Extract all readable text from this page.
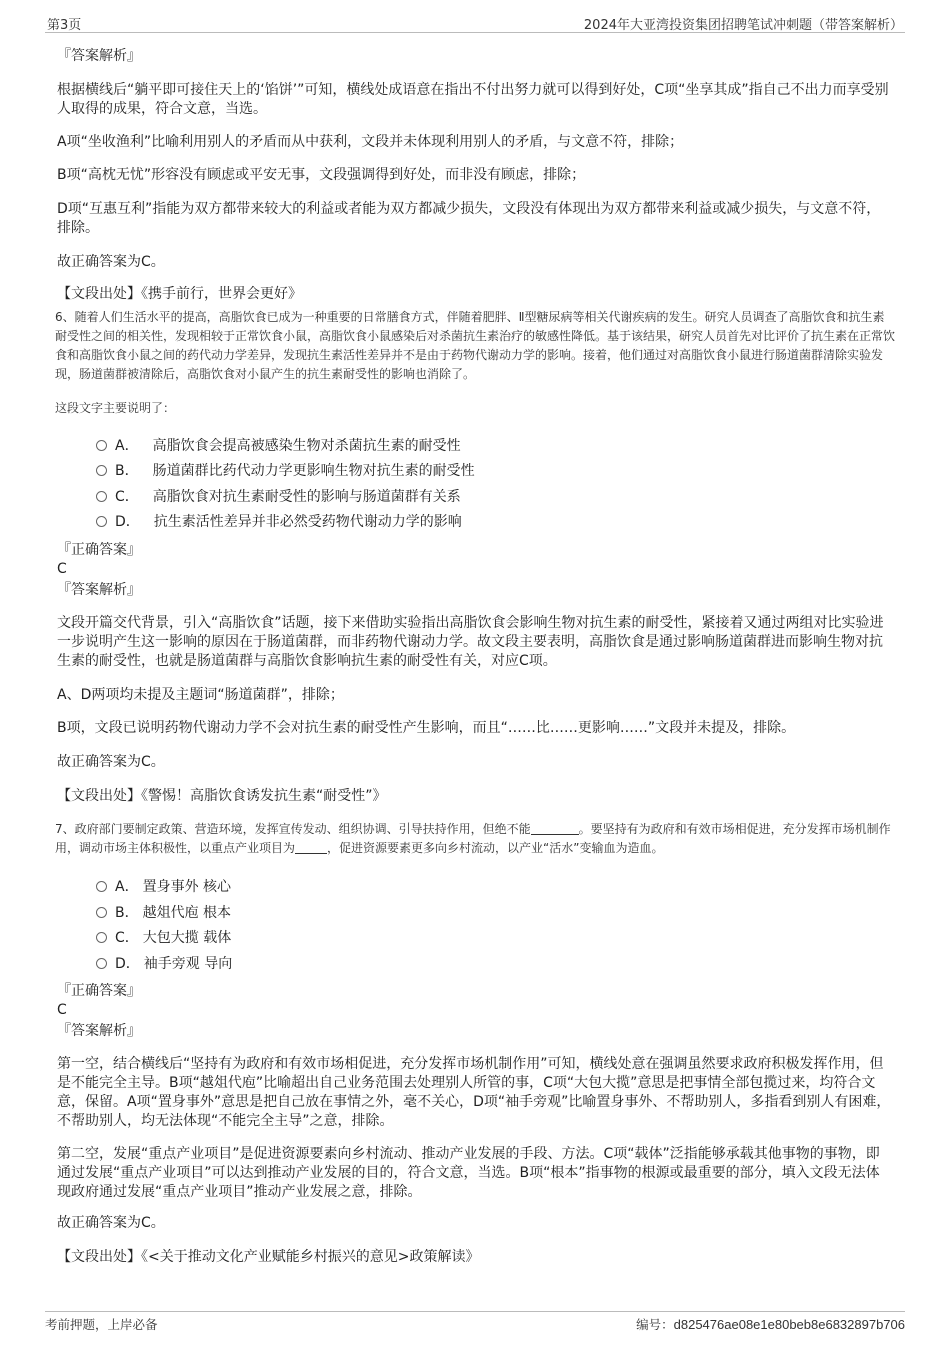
第3页	2024年大亚湾投资集团招聘笔试冲刺题（带答案解析）
『答案解析』
根据横线后“躺平即可接住天上的‘馅饼’”可知，横线处成语意在指出不付出努力就可以得到好处，C项“坐享其成”指自己不出力而享受别人取得的成果，符合文意，当选。
A项“坐收渔利”比喻利用别人的矛盾而从中获利，文段并未体现利用别人的矛盾，与文意不符，排除；
B项“高枕无忧”形容没有顾虑或平安无事，文段强调得到好处，而非没有顾虑，排除；
D项“互惠互利”指能为双方都带来较大的利益或者能为双方都减少损失，文段没有体现出为双方都带来利益或减少损失，与文意不符，排除。
故正确答案为C。
【文段出处】《携手前行，世界会更好》
6、随着人们生活水平的提高，高脂饮食已成为一种重要的日常膳食方式，伴随着肥胖、Ⅱ型糖尿病等相关代谢疾病的发生。研究人员调查了高脂饮食和抗生素耐受性之间的相关性，发现相较于正常饮食小鼠，高脂饮食小鼠感染后对杀菌抗生素治疗的敏感性降低。基于该结果，研究人员首先对比评价了抗生素在正常饮食和高脂饮食小鼠之间的药代动力学差异，发现抗生素活性差异并不是由于药物代谢动力学的影响。接着，他们通过对高脂饮食小鼠进行肠道菌群清除实验发现，肠道菌群被清除后，高脂饮食对小鼠产生的抗生素耐受性的影响也消除了。
这段文字主要说明了：
A． 高脂饮食会提高被感染生物对杀菌抗生素的耐受性
B． 肠道菌群比药代动力学更影响生物对抗生素的耐受性
C． 高脂饮食对抗生素耐受性的影响与肠道菌群有关系
D． 抗生素活性差异并非必然受药物代谢动力学的影响
『正确答案』
C
『答案解析』
文段开篇交代背景，引入“高脂饮食”话题，接下来借助实验指出高脂饮食会影响生物对抗生素的耐受性，紧接着又通过两组对比实验进一步说明产生这一影响的原因在于肠道菌群，而非药物代谢动力学。故文段主要表明，高脂饮食是通过影响肠道菌群进而影响生物对抗生素的耐受性，也就是肠道菌群与高脂饮食影响抗生素的耐受性有关，对应C项。
A、D两项均未提及主题词“肠道菌群”，排除；
B项，文段已说明药物代谢动力学不会对抗生素的耐受性产生影响，而且“……比……更影响……”文段并未提及，排除。
故正确答案为C。
【文段出处】《警惕！高脂饮食诱发抗生素“耐受性”》
7、政府部门要制定政策、营造环境，发挥宣传发动、组织协调、引导扶持作用，但绝不能	。要坚持有为政府和有效市场相促进，充分发挥市场机制作用，调动市场主体积极性，以重点产业项目为	，促进资源要素更多向乡村流动，以产业“活水”变输血为造血。
A． 置身事外 核心
B． 越俎代庖 根本
C． 大包大揽 载体
D． 袖手旁观 导向
『正确答案』
C
『答案解析』
第一空，结合横线后“坚持有为政府和有效市场相促进，充分发挥市场机制作用”可知，横线处意在强调虽然要求政府积极发挥作用，但是不能完全主导。B项“越俎代庖”比喻超出自己业务范围去处理别人所管的事，C项“大包大揽”意思是把事情全部包揽过来，均符合文意，保留。A项“置身事外”意思是把自己放在事情之外，毫不关心，D项“袖手旁观”比喻置身事外、不帮助别人，多指看到别人有困难，不帮助别人，均无法体现“不能完全主导”之意，排除。
第二空，发展“重点产业项目”是促进资源要素向乡村流动、推动产业发展的手段、方法。C项“载体”泛指能够承载其他事物的事物，即通过发展“重点产业项目”可以达到推动产业发展的目的，符合文意，当选。B项“根本”指事物的根源或最重要的部分，填入文段无法体现政府通过发展“重点产业项目”推动产业发展之意，排除。
故正确答案为C。
【文段出处】《<关于推动文化产业赋能乡村振兴的意见>政策解读》
考前押题，上岸必备	编号：d825476ae08e1e80beb8e6832897b706
